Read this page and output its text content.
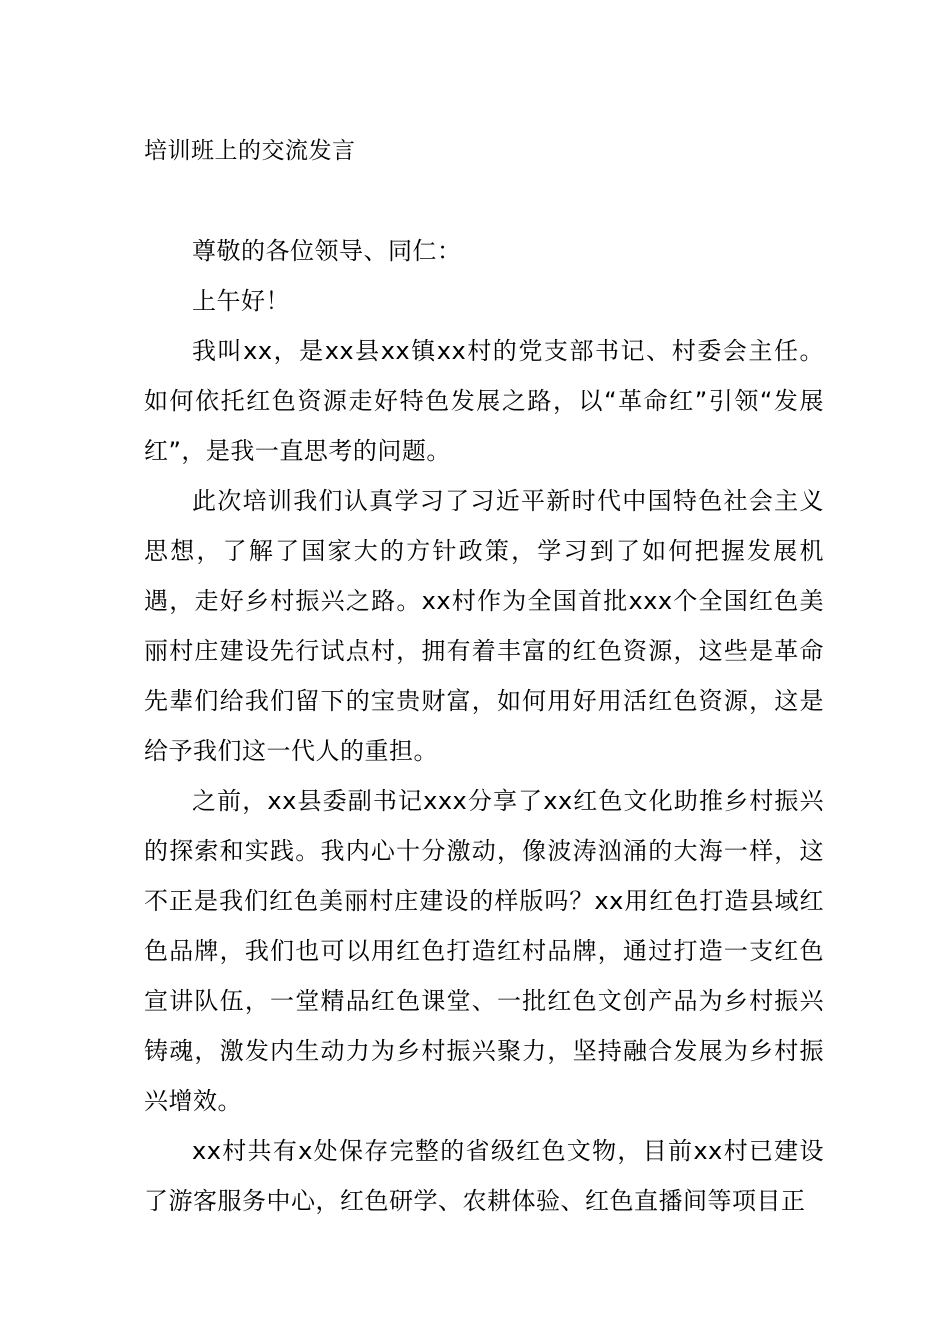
培训班上的交流发言

尊敬的各位领导、同仁：

上午好！

我叫xx，是xx县xx镇xx村的党支部书记、村委会主任。如何依托红色资源走好特色发展之路，以“革命红”引领“发展红”，是我一直思考的问题。

此次培训我们认真学习了习近平新时代中国特色社会主义思想，了解了国家大的方针政策，学习到了如何把握发展机遇，走好乡村振兴之路。xx村作为全国首批xxx个全国红色美丽村庄建设先行试点村，拥有着丰富的红色资源，这些是革命先辈们给我们留下的宝贵财富，如何用好用活红色资源，这是给予我们这一代人的重担。

之前，xx县委副书记xxx分享了xx红色文化助推乡村振兴的探索和实践。我内心十分激动，像波涛汹涌的大海一样，这不正是我们红色美丽村庄建设的样版吗？xx用红色打造县域红色品牌，我们也可以用红色打造红村品牌，通过打造一支红色宣讲队伍，一堂精品红色课堂、一批红色文创产品为乡村振兴铸魂，激发内生动力为乡村振兴聚力，坚持融合发展为乡村振兴增效。

xx村共有x处保存完整的省级红色文物，目前xx村已建设了游客服务中心，红色研学、农耕体验、红色直播间等项目正
